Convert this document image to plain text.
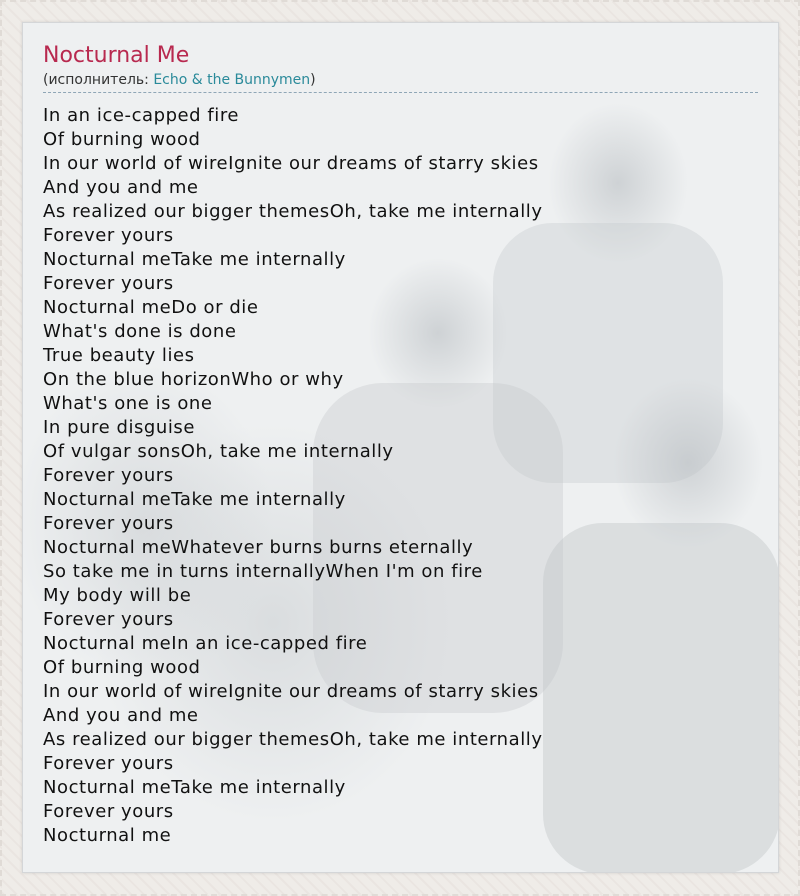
Nocturnal Me
(исполнитель: Echo & the Bunnymen)
In an ice-capped fire
Of burning wood
In our world of wireIgnite our dreams of starry skies
And you and me
As realized our bigger themesOh, take me internally
Forever yours
Nocturnal meTake me internally
Forever yours
Nocturnal meDo or die
What's done is done
True beauty lies
On the blue horizonWho or why
What's one is one
In pure disguise
Of vulgar sonsOh, take me internally
Forever yours
Nocturnal meTake me internally
Forever yours
Nocturnal meWhatever burns burns eternally
So take me in turns internallyWhen I'm on fire
My body will be
Forever yours
Nocturnal meIn an ice-capped fire
Of burning wood
In our world of wireIgnite our dreams of starry skies
And you and me
As realized our bigger themesOh, take me internally
Forever yours
Nocturnal meTake me internally
Forever yours
Nocturnal me
